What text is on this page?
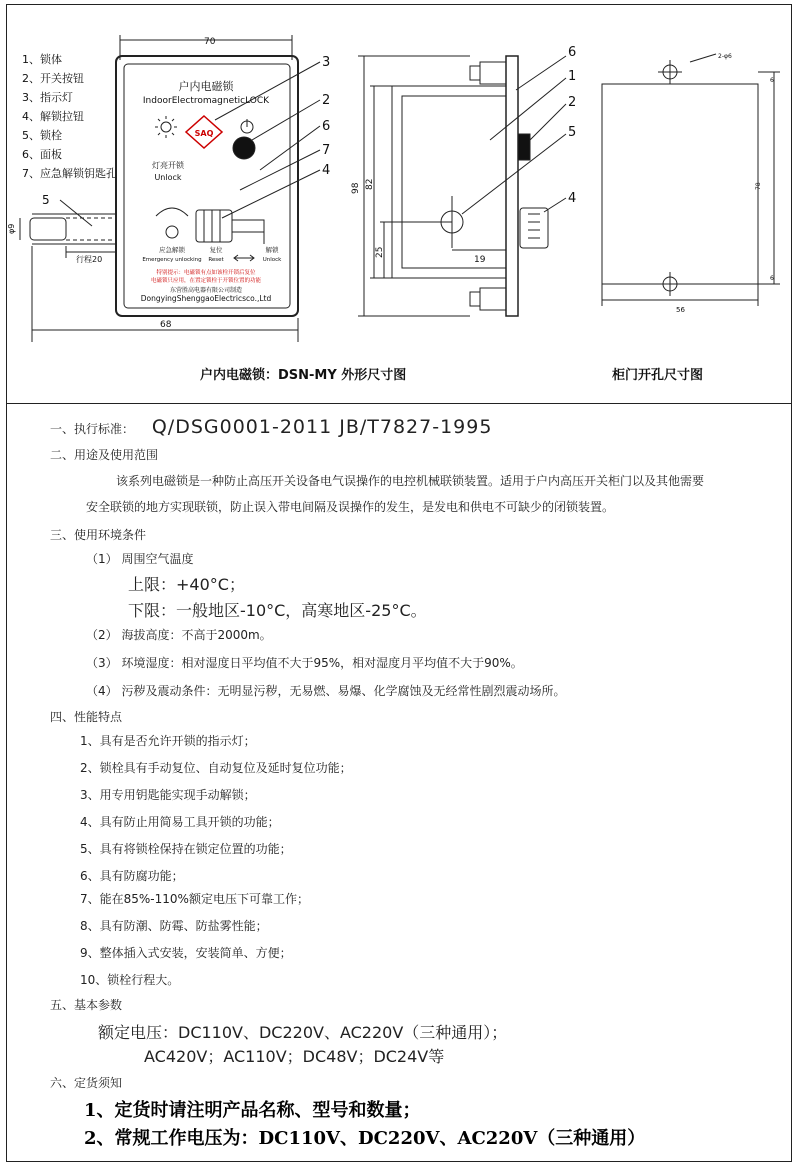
1、锁体
2、开关按钮
3、指示灯
4、解锁拉钮
5、锁栓
6、面板
7、应急解锁钥匙孔
70
户内电磁锁
IndoorElectromagneticLOCK
SAQ
灯亮开锁
Unlock
应急解锁
Emergency unlocking
复位
Reset
解锁
Unlock
特别提示：电磁锁有点如该栓开锁后复位
电磁锁只应用，在置定锁栓于开锁位置的功能
东营胜高电器有限公司制造
DongyingShenggaoElectricsco.,Ltd
φ9
行程20
68
5
3
2
6
7
4
98 82
25
19
6
1
2
5
4
2-φ6
6
78
6
56
户内电磁锁：DSN-MY 外形尺寸图	柜门开孔尺寸图
一、执行标准： Q/DSG0001-2011 JB/T7827-1995
二、用途及使用范围
该系列电磁锁是一种防止高压开关设备电气误操作的电控机械联锁装置。适用于户内高压开关柜门以及其他需要
安全联锁的地方实现联锁，防止误入带电间隔及误操作的发生，是发电和供电不可缺少的闭锁装置。
三、使用环境条件
（1） 周围空气温度
上限：+40°C；
下限：一般地区-10°C，高寒地区-25°C。
（2） 海拔高度：不高于2000m。
（3） 环境湿度：相对湿度日平均值不大于95%，相对湿度月平均值不大于90%。
（4） 污秽及震动条件：无明显污秽，无易燃、易爆、化学腐蚀及无经常性剧烈震动场所。
四、性能特点
1、具有是否允许开锁的指示灯；
2、锁栓具有手动复位、自动复位及延时复位功能；
3、用专用钥匙能实现手动解锁；
4、具有防止用简易工具开锁的功能；
5、具有将锁栓保持在锁定位置的功能；
6、具有防腐功能；
7、能在85%-110%额定电压下可靠工作；
8、具有防潮、防霉、防盐雾性能；
9、整体插入式安装，安装简单、方便；
10、锁栓行程大。
五、基本参数
额定电压：DC110V、DC220V、AC220V（三种通用）；
AC420V；AC110V；DC48V；DC24V等
六、定货须知
1、定货时请注明产品名称、型号和数量；
2、常规工作电压为：DC110V、DC220V、AC220V（三种通用）
